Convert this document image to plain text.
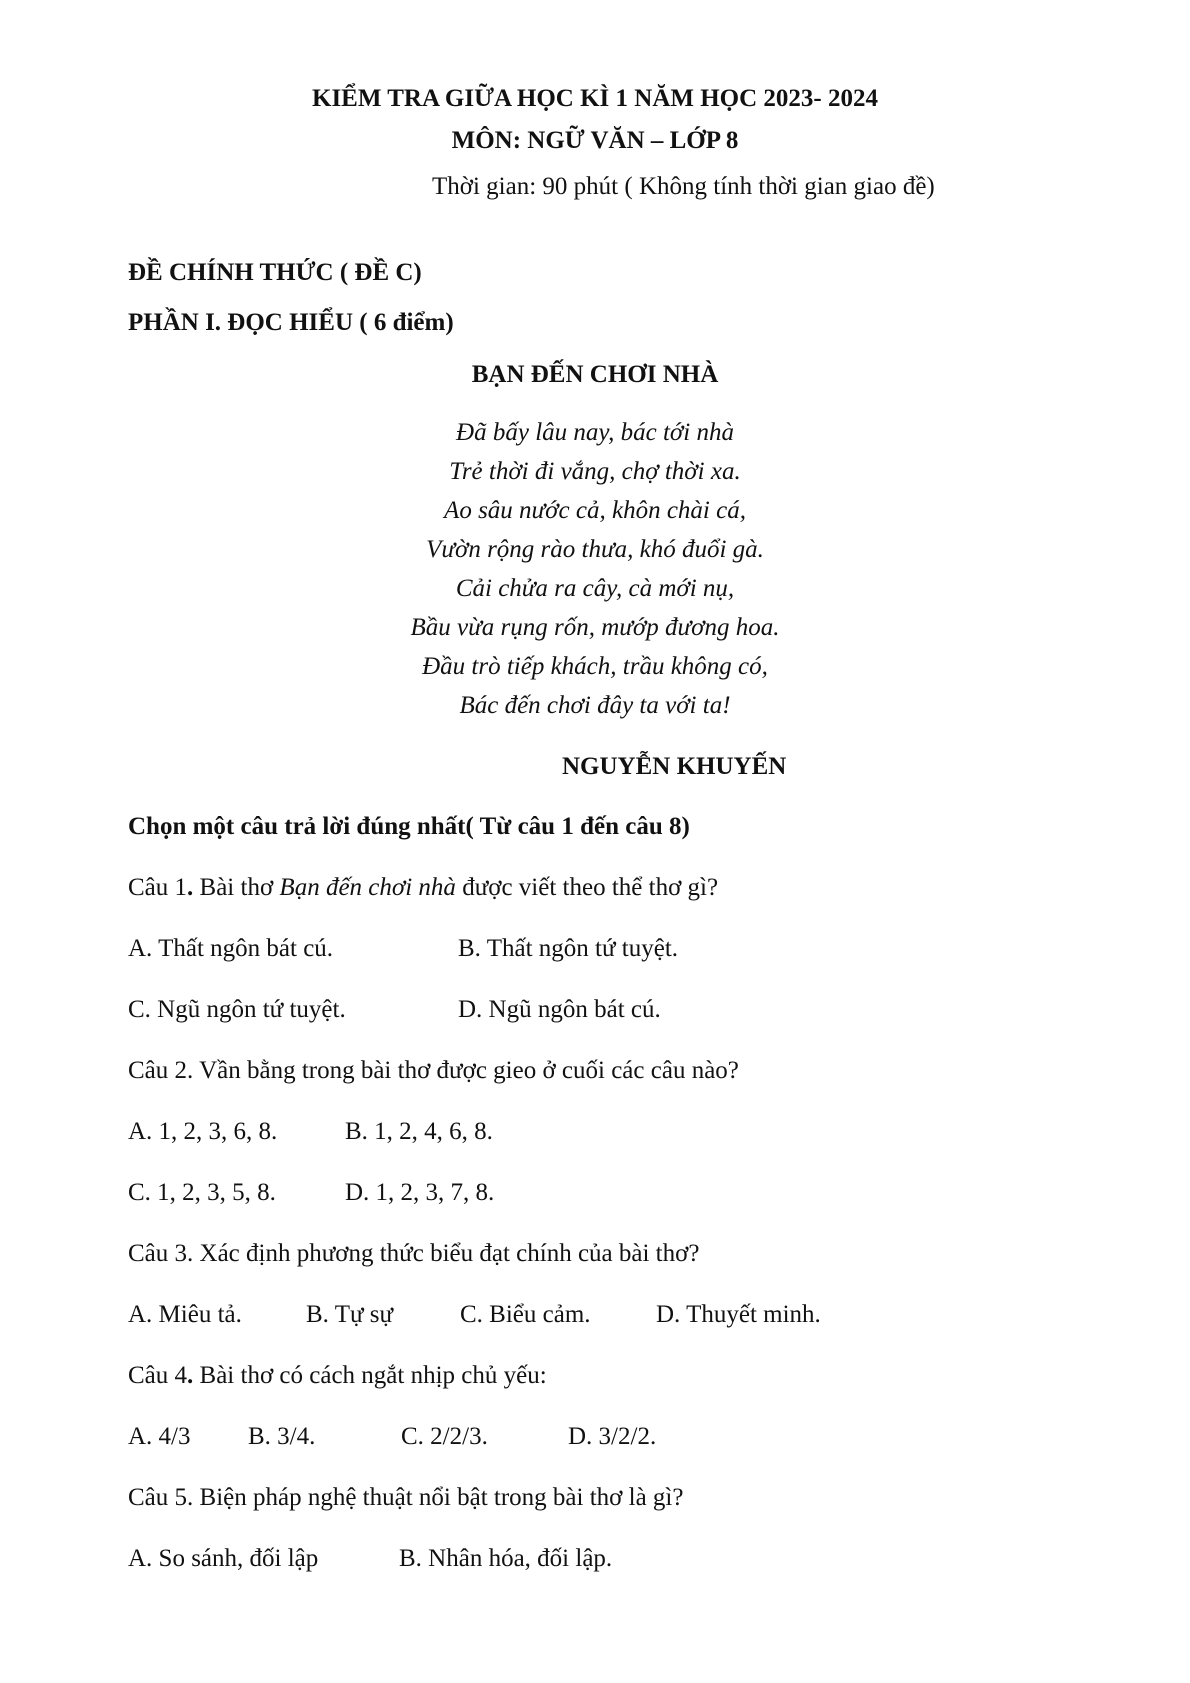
KIỂM TRA GIỮA HỌC KÌ 1 NĂM HỌC 2023- 2024
MÔN: NGỮ VĂN – LỚP 8
Thời gian: 90 phút ( Không tính thời gian giao đề)
ĐỀ CHÍNH THỨC ( ĐỀ C)
PHẦN I. ĐỌC HIỂU ( 6 điểm)
BẠN ĐẾN CHƠI NHÀ
Đã bấy lâu nay, bác tới nhà
Trẻ thời đi vắng, chợ thời xa.
Ao sâu nước cả, khôn chài cá,
Vườn rộng rào thưa, khó đuổi gà.
Cải chửa ra cây, cà mới nụ,
Bầu vừa rụng rốn, mướp đương hoa.
Đầu trò tiếp khách, trầu không có,
Bác đến chơi đây ta với ta!
NGUYỄN KHUYẾN
Chọn một câu trả lời đúng nhất( Từ câu 1 đến câu 8)
Câu 1. Bài thơ Bạn đến chơi nhà được viết theo thể thơ gì?
A. Thất ngôn bát cú.	B. Thất ngôn tứ tuyệt.
C. Ngũ ngôn tứ tuyệt.	D. Ngũ ngôn bát cú.
Câu 2. Vần bằng trong bài thơ được gieo ở cuối các câu nào?
A. 1, 2, 3, 6, 8.	B. 1, 2, 4, 6, 8.
C. 1, 2, 3, 5, 8.	D. 1, 2, 3, 7, 8.
Câu 3. Xác định phương thức biểu đạt chính của bài thơ?
A. Miêu tả.	B. Tự sự	C. Biểu cảm.	D. Thuyết minh.
Câu 4. Bài thơ có cách ngắt nhịp chủ yếu:
A. 4/3 B. 3/4.	C. 2/2/3.	D. 3/2/2.
Câu 5. Biện pháp nghệ thuật nổi bật trong bài thơ là gì?
A. So sánh, đối lập	B. Nhân hóa, đối lập.
